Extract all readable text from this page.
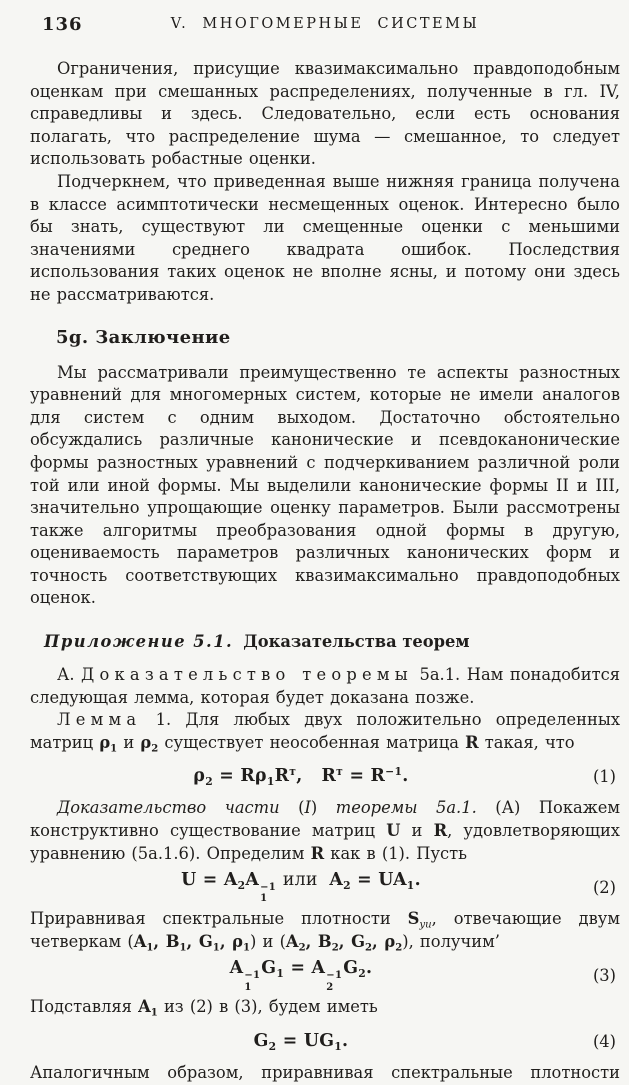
136	V. МНОГОМЕРНЫЕ СИСТЕМЫ

Ограничения, присущие квазимаксимально правдоподобным оценкам при смешанных распределениях, полученные в гл. IV, справедливы и здесь. Следовательно, если есть основания полагать, что распределение шума — смешанное, то следует использовать робастные оценки.

Подчеркнем, что приведенная выше нижняя граница получена в классе асимптотически несмещенных оценок. Интересно было бы знать, существуют ли смещенные оценки с меньшими значениями среднего квадрата ошибок. Последствия использования таких оценок не вполне ясны, и потому они здесь не рассматриваются.

5g. Заключение

Мы рассматривали преимущественно те аспекты разностных уравнений для многомерных систем, которые не имели аналогов для систем с одним выходом. Достаточно обстоятельно обсуждались различные канонические и псевдоканонические формы разностных уравнений с подчеркиванием различной роли той или иной формы. Мы выделили канонические формы II и III, значительно упрощающие оценку параметров. Были рассмотрены также алгоритмы преобразования одной формы в другую, оцениваемость параметров различных канонических форм и точность соответствующих квазимаксимально правдоподобных оценок.

Приложение 5.1. Доказательства теорем

А. Доказательство теоремы 5а.1. Нам понадобится следующая лемма, которая будет доказана позже.

Лемма 1. Для любых двух положительно определенных матриц $\rho_1$ и $\rho_2$ существует неособенная матрица R такая, что

$\rho_2 = R\rho_1R^т$,   $R^т = R^{-1}$.	(1)

Доказательство части (I) теоремы 5а.1. (А) Покажем конструктивно существование матриц U и R, удовлетворяющих уравнению (5а.1.6). Определим R как в (1). Пусть

$U = A_2A -1$
1
или  $A_2 = UA_1$.	(2)

Приравнивая спектральные плотности $S_{yu}$, отвечающие двум четверкам ($A_1$, $B_1$, $G_1$, $\rho_1$) и ($A_2$, $B_2$, $G_2$, $\rho_2$), получим’

A −1
1
$G_1 = A -1$
2
$G_2$.	(3)

Подставляя $A_1$ из (2) в (3), будем иметь

$G_2 = UG_1$.	(4)

Апалогичным образом, приравнивая спектральные плотности
